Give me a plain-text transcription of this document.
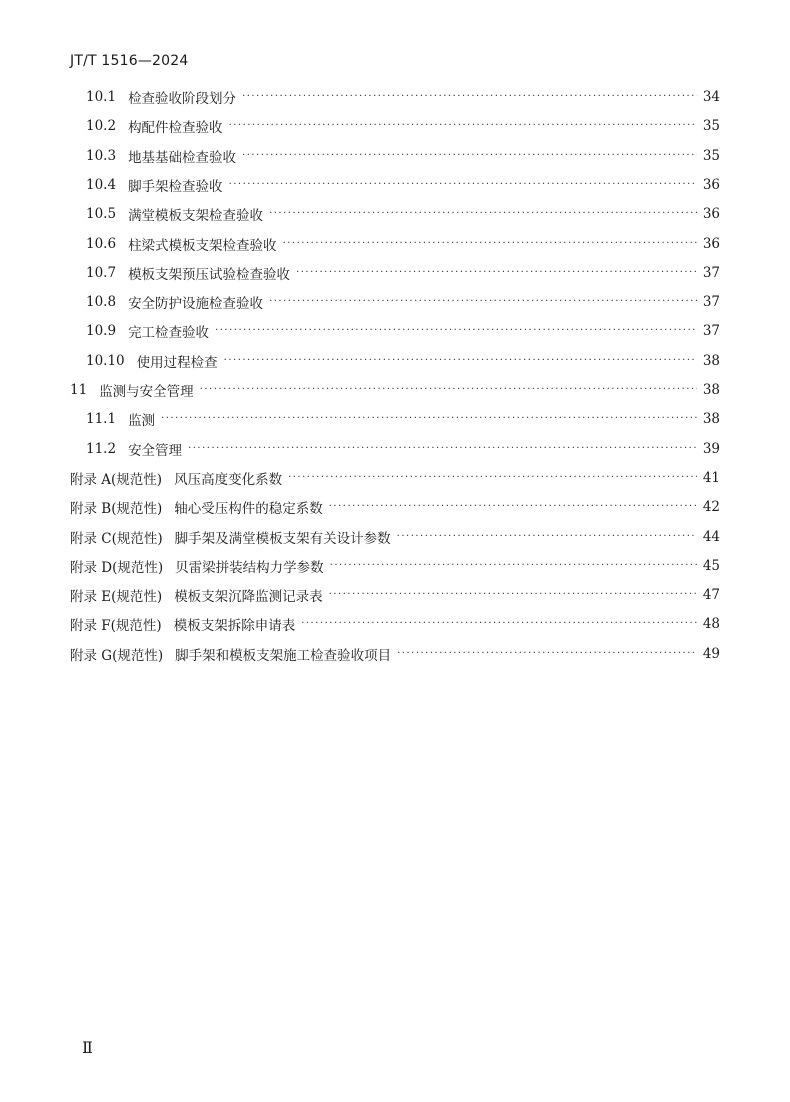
JT/T 1516—2024
10.1 检查验收阶段划分 ·····	34
10.2 构配件检查验收 ·····	35
10.3 地基基础检查验收 ·····	35
10.4 脚手架检查验收 ·····	36
10.5 满堂模板支架检查验收 ·····	36
10.6 柱梁式模板支架检查验收 ·····	36
10.7 模板支架预压试验检查验收 ·····	37
10.8 安全防护设施检查验收 ·····	37
10.9 完工检查验收 ·····	37
10.10 使用过程检查 ·····	38
11 监测与安全管理 ·····	38
11.1 监测 ·····	38
11.2 安全管理 ·····	39
附录 A(规范性) 风压高度变化系数 ·····	41
附录 B(规范性) 轴心受压构件的稳定系数 ·····	42
附录 C(规范性) 脚手架及满堂模板支架有关设计参数 ·····	44
附录 D(规范性) 贝雷梁拼装结构力学参数 ·····	45
附录 E(规范性) 模板支架沉降监测记录表 ·····	47
附录 F(规范性) 模板支架拆除申请表 ·····	48
附录 G(规范性) 脚手架和模板支架施工检查验收项目 ·····	49
Ⅱ
